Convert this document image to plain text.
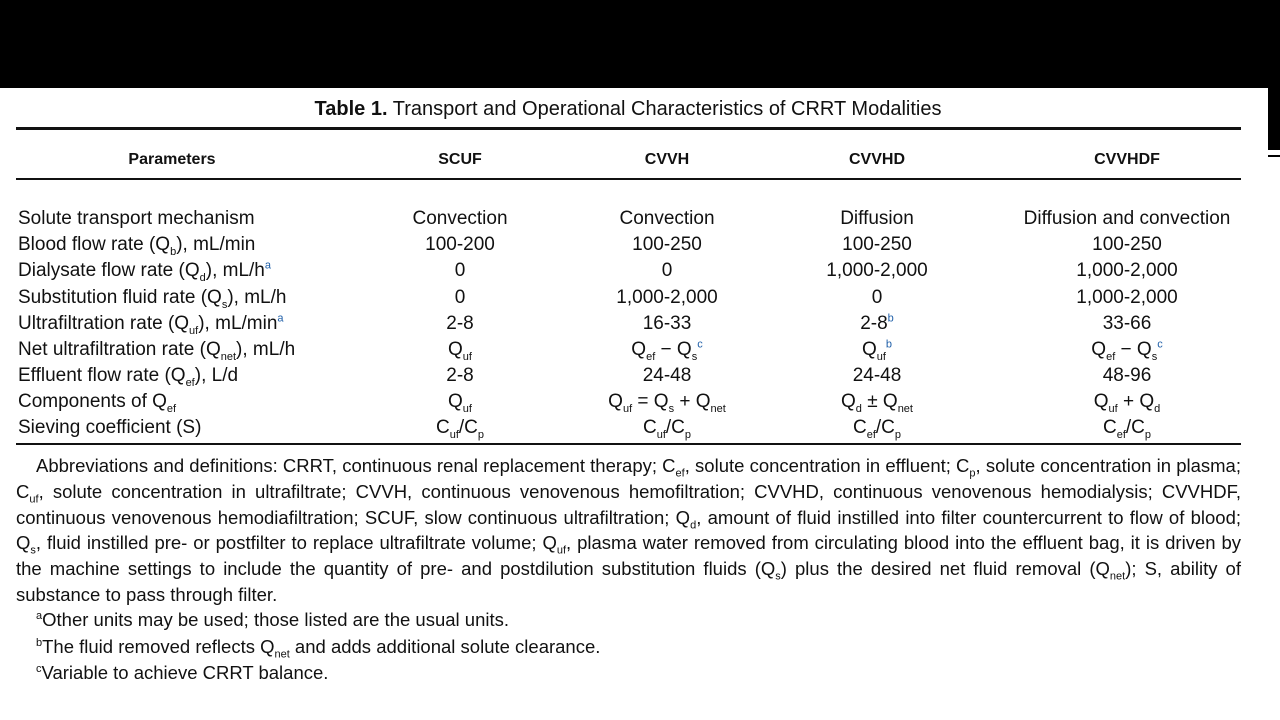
Table 1. Transport and Operational Characteristics of CRRT Modalities
Parameters	SCUF	CVVH	CVVHD	CVVHDF
Solute transport mechanism	Convection	Convection	Diffusion	Diffusion and convection
Blood flow rate $(Q_b)$, mL/min	100-200	100-250	100-250	100-250
Dialysate flow rate $(Q_d)$, mL/h$^a$	0	0	1,000-2,000	1,000-2,000
Substitution fluid rate $(Q_s)$, mL/h	0	1,000-2,000	0	1,000-2,000
Ultrafiltration rate $(Q_{uf})$, mL/min$^a$	2-8	16-33	2-8$^b$	33-66
Net ultrafiltration rate $(Q_{net})$, mL/h	$Q_{uf}$	$Q_{ef} - Q_s^c$	$Q_{uf}^b$	$Q_{ef} - Q_s^c$
Effluent flow rate $(Q_{ef})$, L/d	2-8	24-48	24-48	48-96
Components of $Q_{ef}$	$Q_{uf}$	$Q_{uf} = Q_s + Q_{net}$	$Q_d \pm Q_{net}$	$Q_{uf} + Q_d$
Sieving coefficient (S)	$C_{uf}/C_p$	$C_{uf}/C_p$	$C_{ef}/C_p$	$C_{ef}/C_p$

Abbreviations and definitions: CRRT, continuous renal replacement therapy; $C_{ef}$, solute concentration in effluent; $C_p$, solute concentration in plasma; $C_{uf}$, solute concentration in ultrafiltrate; CVVH, continuous venovenous hemofiltration; CVVHD, continuous venovenous hemodialysis; CVVHDF, continuous venovenous hemodiafiltration; SCUF, slow continuous ultrafiltration; $Q_d$, amount of fluid instilled into filter countercurrent to flow of blood; $Q_s$, fluid instilled pre- or postfilter to replace ultrafiltrate volume; $Q_{uf}$, plasma water removed from circulating blood into the effluent bag, it is driven by the machine settings to include the quantity of pre- and postdilution substitution fluids $(Q_s)$ plus the desired net fluid removal $(Q_{net})$; S, ability of substance to pass through filter.

$^a$Other units may be used; those listed are the usual units.
$^b$The fluid removed reflects $Q_{net}$ and adds additional solute clearance.
$^c$Variable to achieve CRRT balance.
